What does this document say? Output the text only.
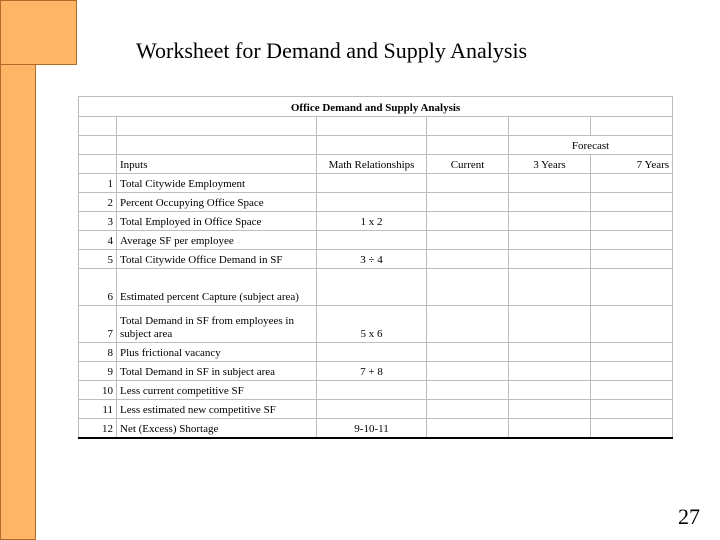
Worksheet for Demand and Supply Analysis
Office Demand and Supply Analysis					

				Forecast	
	Inputs	Math Relationships	Current	3 Years	7 Years
1	Total Citywide Employment				
2	Percent Occupying Office Space				
3	Total Employed in Office Space	1 x 2			
4	Average SF per employee				
5	Total Citywide Office Demand in SF	3 ÷ 4			
6	Estimated percent Capture (subject area)				
7	Total Demand in SF from employees in subject area	5 x 6			
8	Plus frictional vacancy				
9	Total Demand in SF in subject area	7 + 8			
10	Less current competitive SF				
11	Less estimated new competitive SF				
12	Net (Excess) Shortage	9-10-11			
27
